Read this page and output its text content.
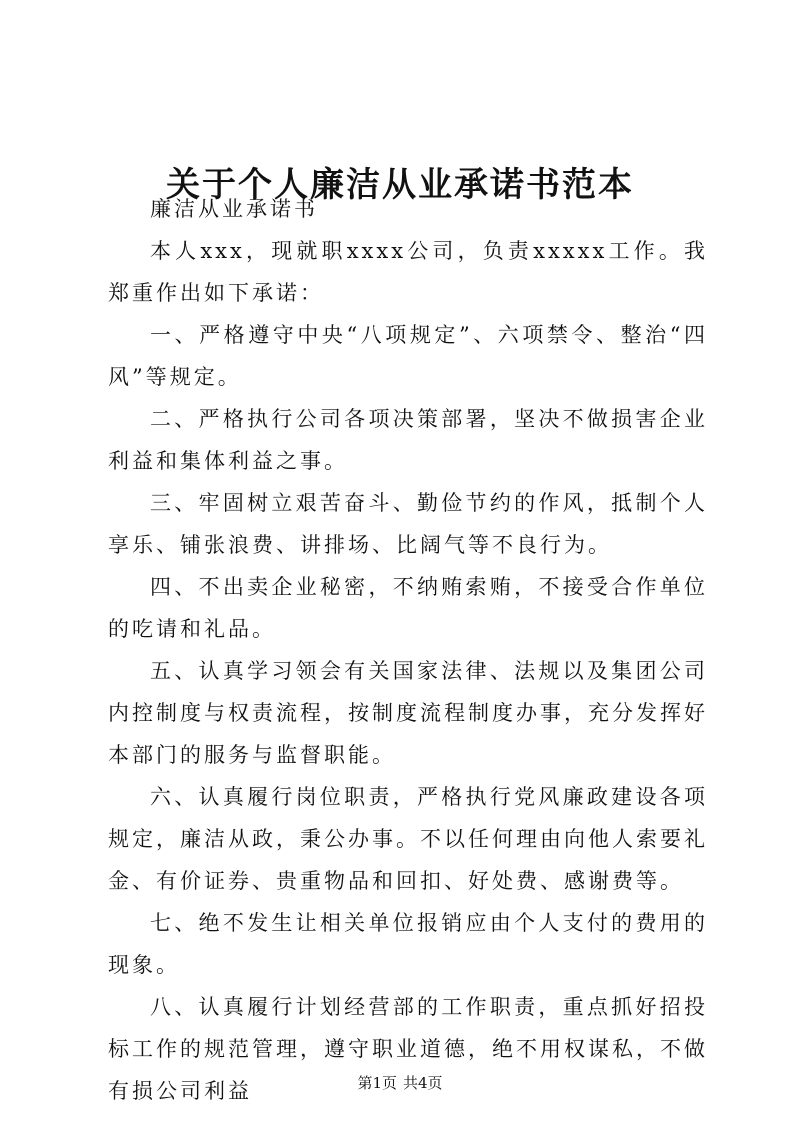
关于个人廉洁从业承诺书范本

廉洁从业承诺书

本人xxx，现就职xxxx公司，负责xxxxx工作。我郑重作出如下承诺：

一、严格遵守中央“八项规定”、六项禁令、整治“四风”等规定。

二、严格执行公司各项决策部署，坚决不做损害企业利益和集体利益之事。

三、牢固树立艰苦奋斗、勤俭节约的作风，抵制个人享乐、铺张浪费、讲排场、比阔气等不良行为。

四、不出卖企业秘密，不纳贿索贿，不接受合作单位的吃请和礼品。

五、认真学习领会有关国家法律、法规以及集团公司内控制度与权责流程，按制度流程制度办事，充分发挥好本部门的服务与监督职能。

六、认真履行岗位职责，严格执行党风廉政建设各项规定，廉洁从政，秉公办事。不以任何理由向他人索要礼金、有价证券、贵重物品和回扣、好处费、感谢费等。

七、绝不发生让相关单位报销应由个人支付的费用的现象。

八、认真履行计划经营部的工作职责，重点抓好招投标工作的规范管理，遵守职业道德，绝不用权谋私，不做有损公司利益	第1页 共4页
